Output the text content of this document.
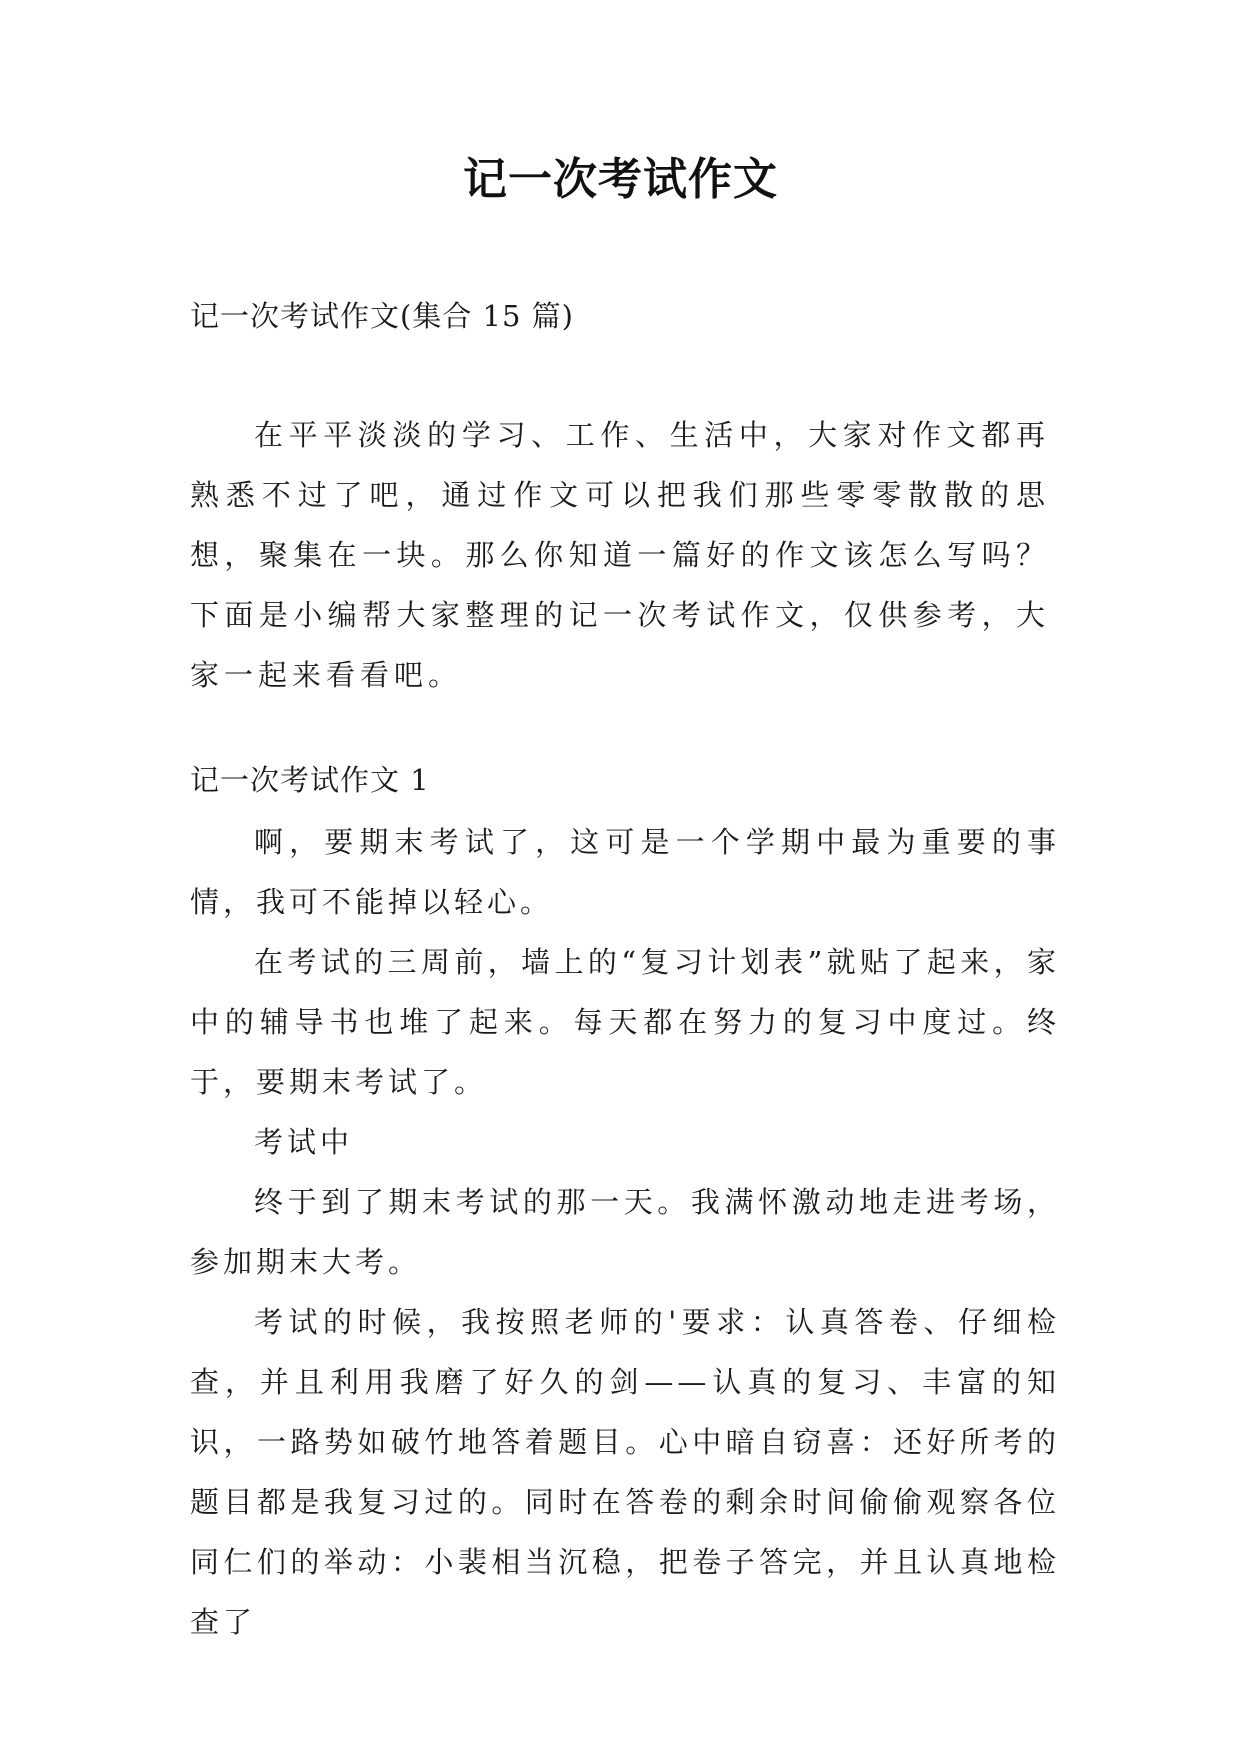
记一次考试作文
记一次考试作文(集合 15 篇)
在平平淡淡的学习、工作、生活中，大家对作文都再熟悉不过了吧，通过作文可以把我们那些零零散散的思想，聚集在一块。那么你知道一篇好的作文该怎么写吗？下面是小编帮大家整理的记一次考试作文，仅供参考，大家一起来看看吧。
记一次考试作文 1

啊，要期末考试了，这可是一个学期中最为重要的事情，我可不能掉以轻心。

在考试的三周前，墙上的“复习计划表”就贴了起来，家中的辅导书也堆了起来。每天都在努力的复习中度过。终于，要期末考试了。

考试中

终于到了期末考试的那一天。我满怀激动地走进考场，参加期末大考。

考试的时候，我按照老师的'要求：认真答卷、仔细检查，并且利用我磨了好久的剑——认真的复习、丰富的知识，一路势如破竹地答着题目。心中暗自窃喜：还好所考的题目都是我复习过的。同时在答卷的剩余时间偷偷观察各位同仁们的举动：小裴相当沉稳，把卷子答完，并且认真地检查了
